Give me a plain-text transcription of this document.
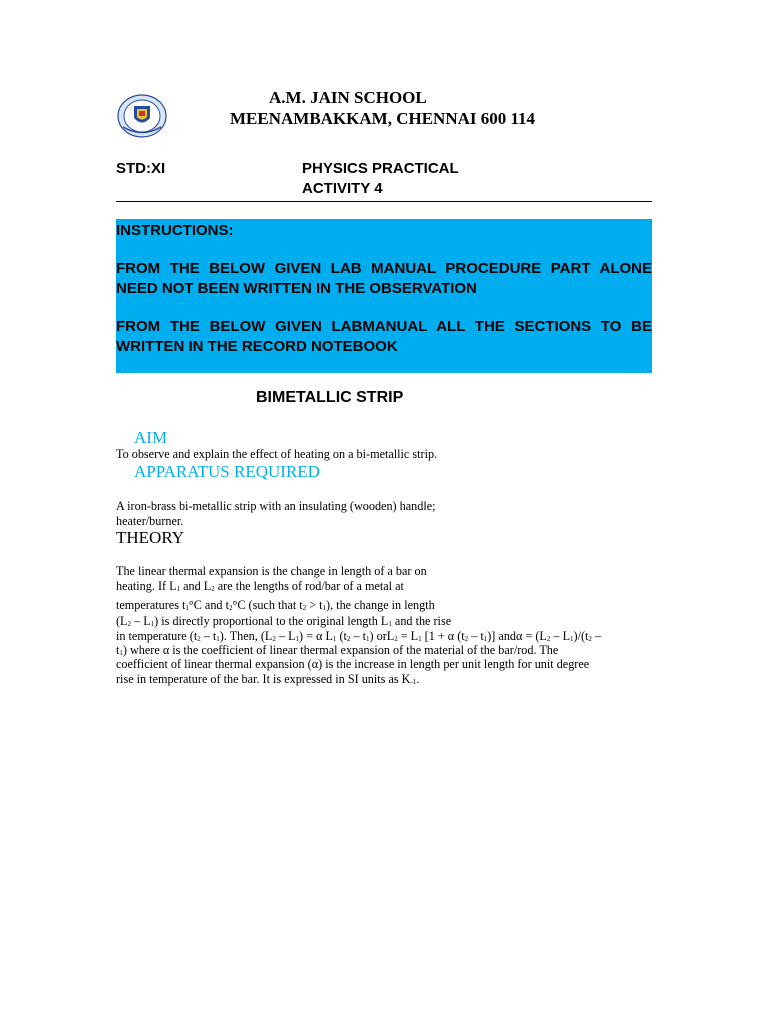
A.M. JAIN SCHOOL
MEENAMBAKKAM, CHENNAI 600 114
STD:XI	PHYSICS PRACTICAL
ACTIVITY 4

INSTRUCTIONS:

FROM THE BELOW GIVEN LAB MANUAL PROCEDURE PART ALONE NEED NOT BEEN WRITTEN IN THE OBSERVATION

FROM THE BELOW GIVEN LABMANUAL ALL THE SECTIONS TO BE WRITTEN IN THE RECORD NOTEBOOK

BIMETALLIC STRIP
AIM
To observe and explain the effect of heating on a bi-metallic strip.
APPARATUS REQUIRED
A iron-brass bi-metallic strip with an insulating (wooden) handle;
heater/burner.
THEORY
The linear thermal expansion is the change in length of a bar on
heating. If $L_1$ and $L_2$ are the lengths of rod/bar of a metal at
temperatures $t_1^\circ C$ and $t_2^\circ C$ (such that $t_2 > t_1$), the change in length
$(L_2 - L_1)$ is directly proportional to the original length $L_1$ and the rise
in temperature $(t_2 - t_1)$. Then, $(L_2 - L_1) = \alpha$ $L_1$ $(t_2 - t_1) orL_2 = L_1$ [1 + α $(t_2 - t_1)$] $and\alpha = (L_2 - L_1)/(t_2$ –
$t_1$) where α is the coefficient of linear thermal expansion of the material of the bar/rod. The
coefficient of linear thermal expansion (α) is the increase in length per unit length for unit degree
rise in temperature of the bar. It is expressed in SI units as $K_{-1}$.
